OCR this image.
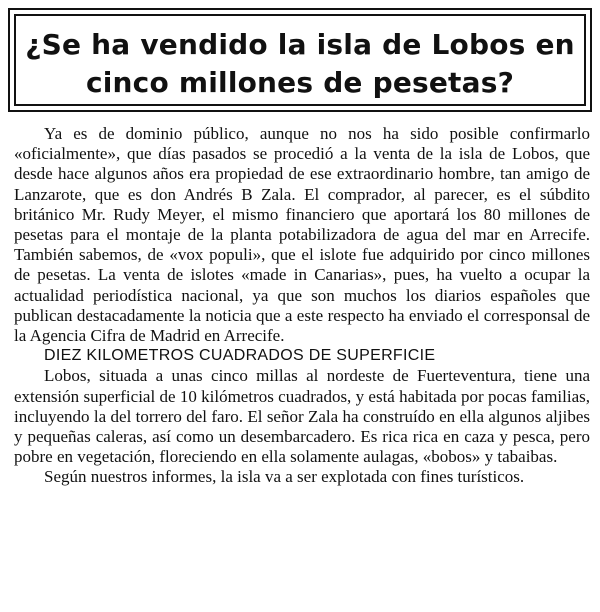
¿Se ha vendido la isla de Lobos en cinco millones de pesetas?

Ya es de dominio público, aunque no nos ha sido posible confirmarlo «oficialmente», que días pasados se procedió a la venta de la isla de Lobos, que desde hace algunos años era propiedad de ese extraordinario hombre, tan amigo de Lanzarote, que es don Andrés B Zala. El comprador, al parecer, es el súbdito británico Mr. Rudy Meyer, el mismo financiero que aportará los 80 millones de pesetas para el montaje de la planta potabilizadora de agua del mar en Arrecife. También sabemos, de «vox populi», que el islote fue adquirido por cinco millones de pesetas. La venta de islotes «made in Canarias», pues, ha vuelto a ocupar la actualidad periodística nacional, ya que son muchos los diarios españoles que publican destacadamente la noticia que a este respecto ha enviado el corresponsal de la Agencia Cifra de Madrid en Arrecife.

DIEZ KILOMETROS CUADRADOS DE SUPERFICIE

Lobos, situada a unas cinco millas al nordeste de Fuerteventura, tiene una extensión superficial de 10 kilómetros cuadrados, y está habitada por pocas familias, incluyendo la del torrero del faro. El señor Zala ha construído en ella algunos aljibes y pequeñas caleras, así como un desembarcadero. Es rica rica en caza y pesca, pero pobre en vegetación, floreciendo en ella solamente aulagas, «bobos» y tabaibas.

Según nuestros informes, la isla va a ser explotada con fines turísticos.
